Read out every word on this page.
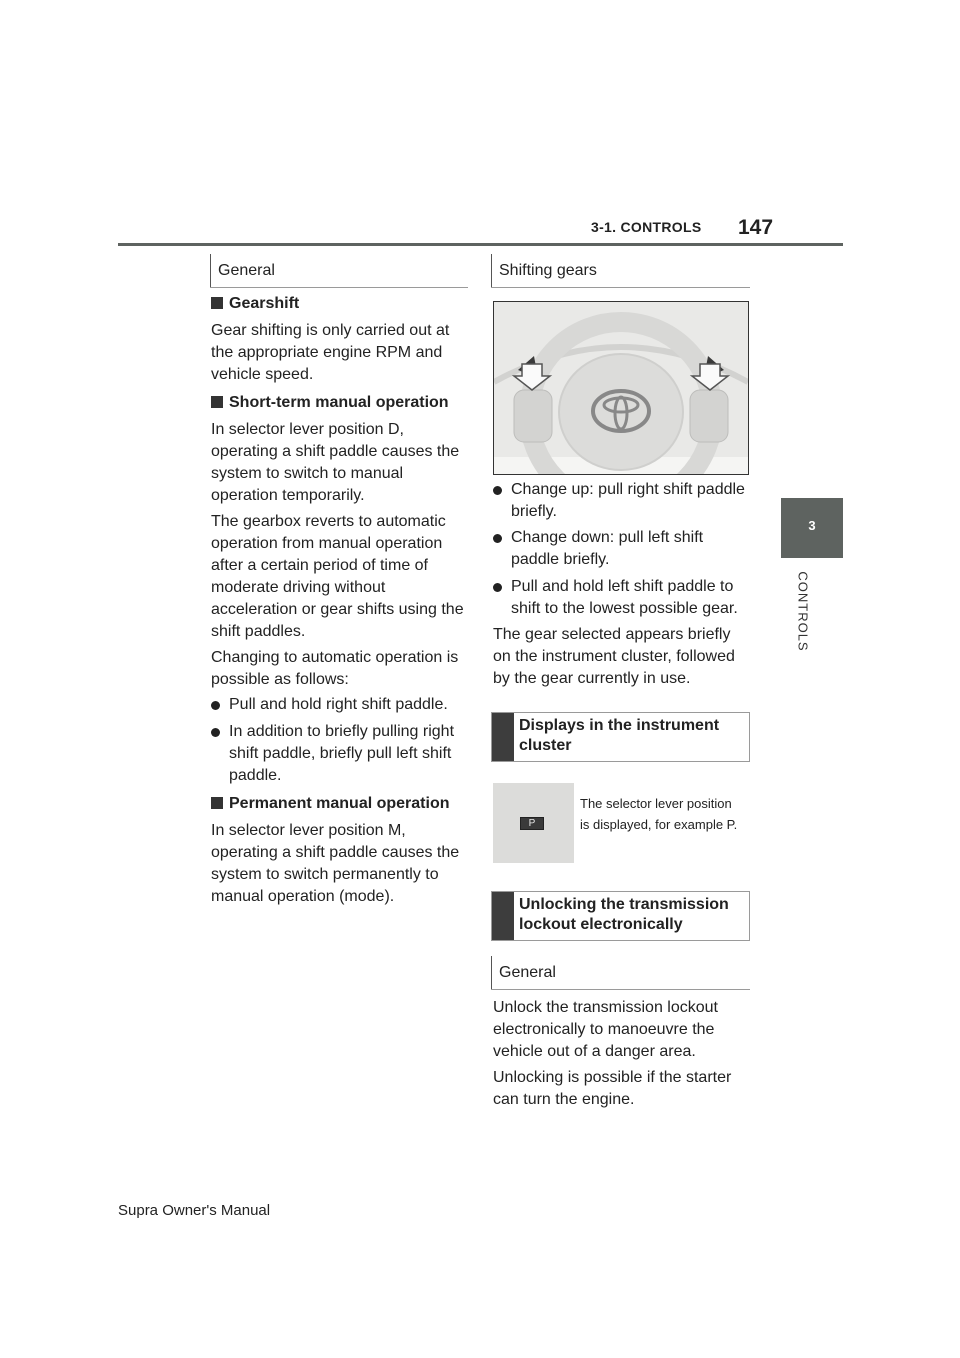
3-1. CONTROLS 147
3
CONTROLS
General
Gearshift

Gear shifting is only carried out at the appropriate engine RPM and vehicle speed.

Short-term manual operation

In selector lever position D, operating a shift paddle causes the system to switch to manual operation temporarily.

The gearbox reverts to automatic operation from manual operation after a certain period of time of moderate driving without acceleration or gear shifts using the shift paddles.

Changing to automatic operation is possible as follows:

Pull and hold right shift paddle.
In addition to briefly pulling right shift paddle, briefly pull left shift paddle.
Permanent manual operation

In selector lever position M, operating a shift paddle causes the system to switch permanently to manual operation (mode).

Shifting gears
Change up: pull right shift paddle briefly.
Change down: pull left shift paddle briefly.
Pull and hold left shift paddle to shift to the lowest possible gear.

The gear selected appears briefly on the instrument cluster, followed by the gear currently in use.

Displays in the instrument cluster
P

The selector lever position is displayed, for example P.

Unlocking the transmission lockout electronically
General

Unlock the transmission lockout electronically to manoeuvre the vehicle out of a danger area.

Unlocking is possible if the starter can turn the engine.

Supra Owner's Manual
